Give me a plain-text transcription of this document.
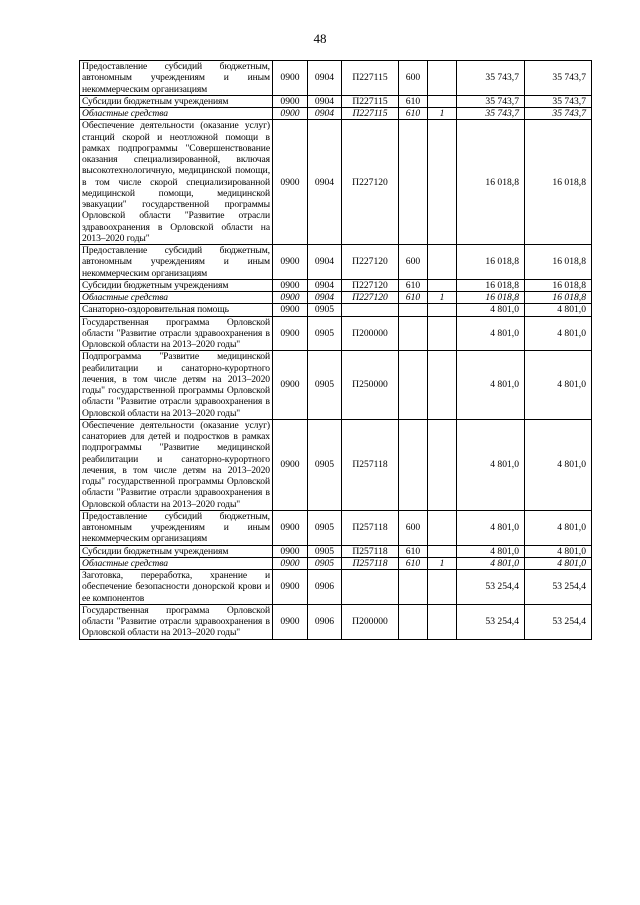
48
Предоставление субсидий бюджетным, автономным учреждениям и иным некоммерческим организациям	0900	0904	П227115	600		35 743,7	35 743,7
Субсидии бюджетным учреждениям	0900	0904	П227115	610		35 743,7	35 743,7
Областные средства	0900	0904	П227115	610	1	35 743,7	35 743,7
Обеспечение деятельности (оказание услуг) станций скорой и неотложной помощи в рамках подпрограммы "Совершенствование оказания специализированной, включая высокотехнологичную, медицинской помощи, в том числе скорой специализированной медицинской помощи, медицинской эвакуации" государственной программы Орловской области "Развитие отрасли здравоохранения в Орловской области на 2013–2020 годы"	0900	0904	П227120			16 018,8	16 018,8
Предоставление субсидий бюджетным, автономным учреждениям и иным некоммерческим организациям	0900	0904	П227120	600		16 018,8	16 018,8
Субсидии бюджетным учреждениям	0900	0904	П227120	610		16 018,8	16 018,8
Областные средства	0900	0904	П227120	610	1	16 018,8	16 018,8
Санаторно-оздоровительная помощь	0900	0905				4 801,0	4 801,0
Государственная программа Орловской области "Развитие отрасли здравоохранения в Орловской области на 2013–2020 годы"	0900	0905	П200000			4 801,0	4 801,0
Подпрограмма "Развитие медицинской реабилитации и санаторно-курортного лечения, в том числе детям на 2013–2020 годы" государственной программы Орловской области "Развитие отрасли здравоохранения в Орловской области на 2013–2020 годы"	0900	0905	П250000			4 801,0	4 801,0
Обеспечение деятельности (оказание услуг) санаториев для детей и подростков в рамках подпрограммы "Развитие медицинской реабилитации и санаторно-курортного лечения, в том числе детям на 2013–2020 годы" государственной программы Орловской области "Развитие отрасли здравоохранения в Орловской области на 2013–2020 годы"	0900	0905	П257118			4 801,0	4 801,0
Предоставление субсидий бюджетным, автономным учреждениям и иным некоммерческим организациям	0900	0905	П257118	600		4 801,0	4 801,0
Субсидии бюджетным учреждениям	0900	0905	П257118	610		4 801,0	4 801,0
Областные средства	0900	0905	П257118	610	1	4 801,0	4 801,0
Заготовка, переработка, хранение и обеспечение безопасности донорской крови и ее компонентов	0900	0906				53 254,4	53 254,4
Государственная программа Орловской области "Развитие отрасли здравоохранения в Орловской области на 2013–2020 годы"	0900	0906	П200000			53 254,4	53 254,4
